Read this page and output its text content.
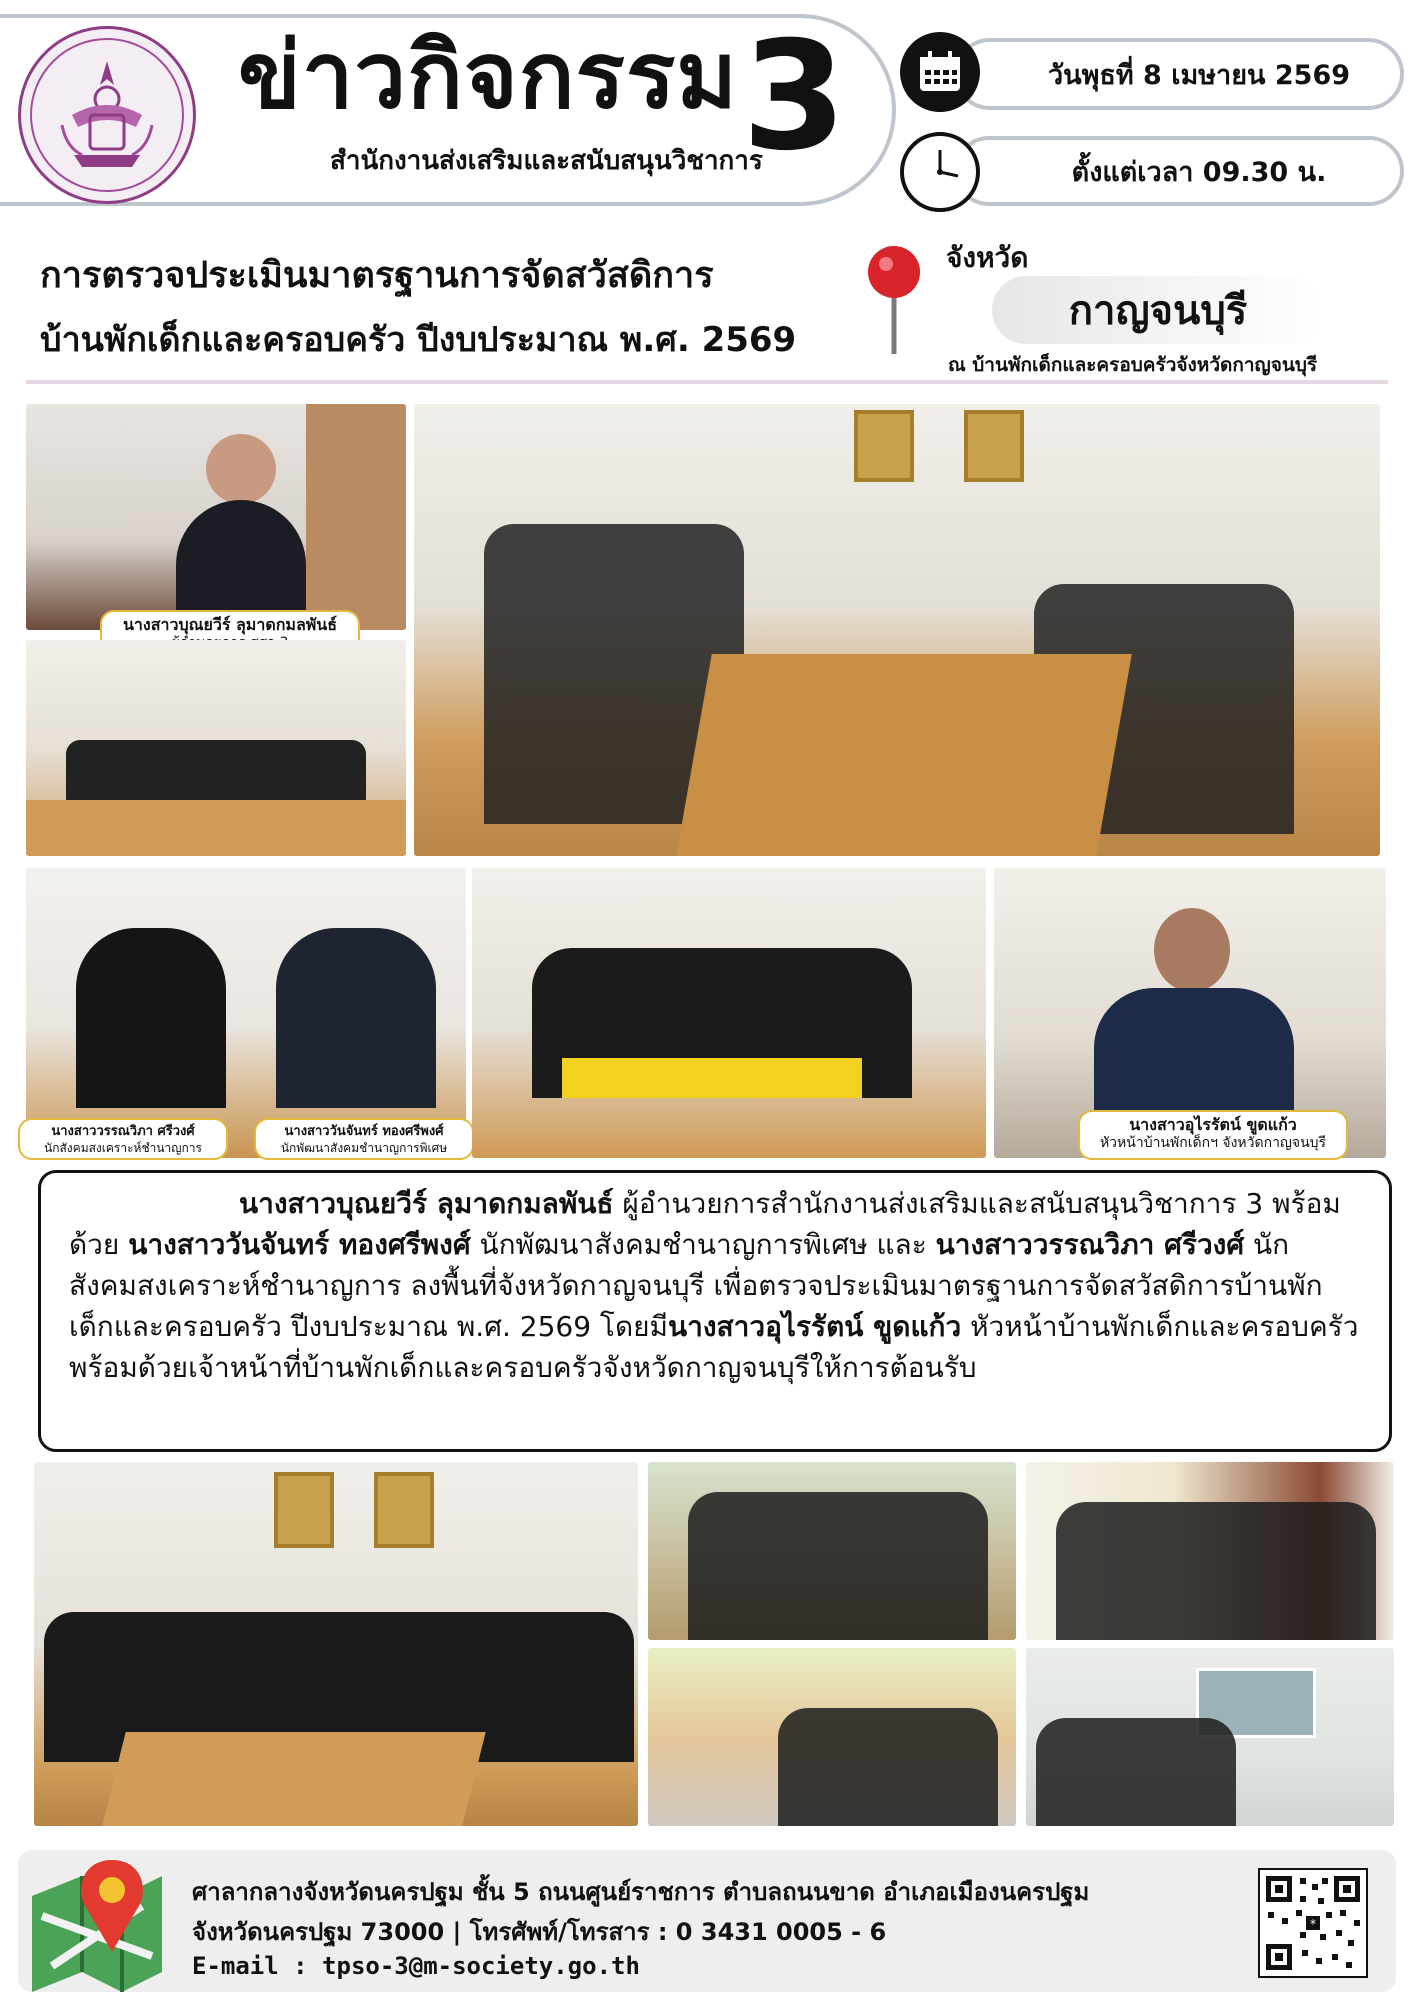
ข่าวกิจกรรม 3
สำนักงานส่งเสริมและสนับสนุนวิชาการ
วันพุธที่ 8 เมษายน 2569
ตั้งแต่เวลา 09.30 น.
การตรวจประเมินมาตรฐานการจัดสวัสดิการ
บ้านพักเด็กและครอบครัว ปีงบประมาณ พ.ศ. 2569
จังหวัด
กาญจนบุรี
ณ บ้านพักเด็กและครอบครัวจังหวัดกาญจนบุรี
นางสาวบุณยวีร์ ลุมาดกมลพันธ์
นางสาววรรณวิภา ศรีวงศ์
นักสังคมสงเคราะห์ชำนาญการ
นางสาววันจันทร์ ทองศรีพงศ์
นักพัฒนาสังคมชำนาญการพิเศษ
นางสาวอุไรรัตน์ ขูดแก้ว
หัวหน้าบ้านพักเด็กฯ จังหวัดกาญจนบุรี
นางสาวบุณยวีร์ ลุมาดกมลพันธ์ ผู้อำนวยการสำนักงานส่งเสริมและสนับสนุนวิชาการ 3 พร้อมด้วย นางสาววันจันทร์ ทองศรีพงศ์ นักพัฒนาสังคมชำนาญการพิเศษ และ นางสาววรรณวิภา ศรีวงศ์ นักสังคมสงเคราะห์ชำนาญการ ลงพื้นที่จังหวัดกาญจนบุรี เพื่อตรวจประเมินมาตรฐานการจัดสวัสดิการบ้านพักเด็กและครอบครัว ปีงบประมาณ พ.ศ. 2569 โดยมีนางสาวอุไรรัตน์ ขูดแก้ว หัวหน้าบ้านพักเด็กและครอบครัว พร้อมด้วยเจ้าหน้าที่บ้านพักเด็กและครอบครัวจังหวัดกาญจนบุรีให้การต้อนรับ
ศาลากลางจังหวัดนครปฐม ชั้น 5 ถนนศูนย์ราชการ ตำบลถนนขาด อำเภอเมืองนครปฐม
จังหวัดนครปฐม 73000 | โทรศัพท์/โทรสาร : 0 3431 0005 - 6
E-mail : tpso-3@m-society.go.th
*
